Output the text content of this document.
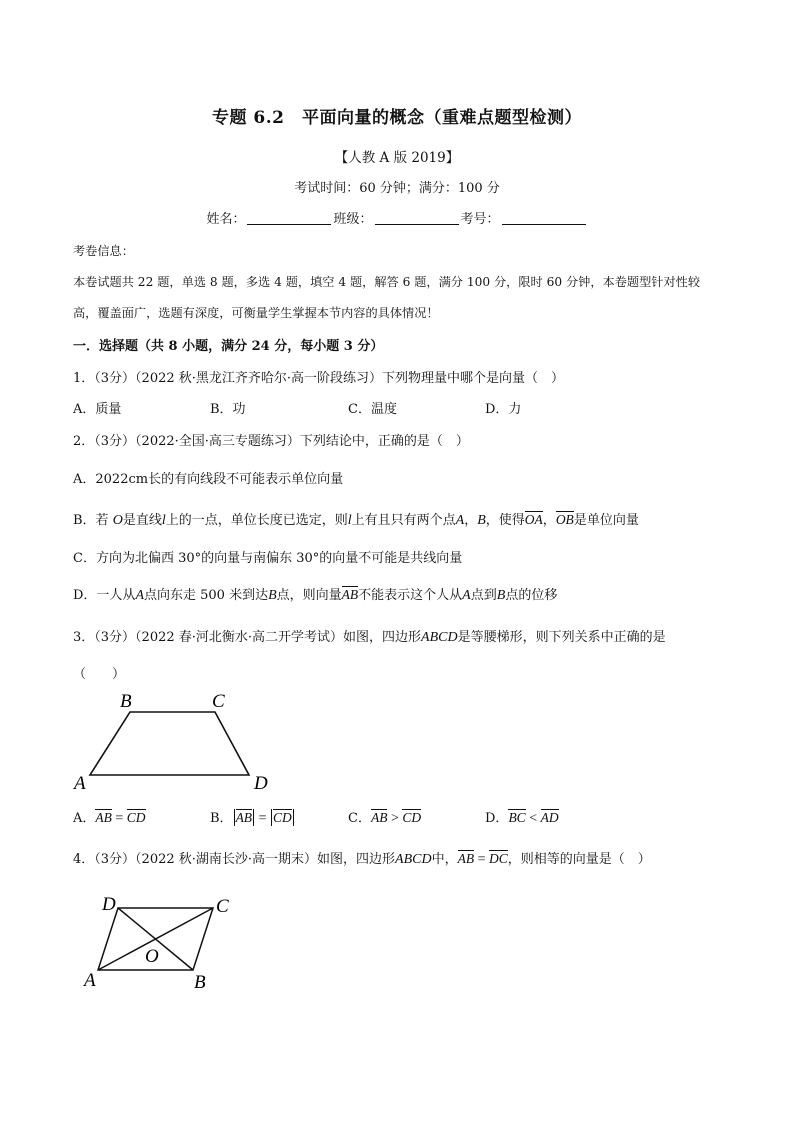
专题 6.2　平面向量的概念（重难点题型检测）
【人教 A 版 2019】
考试时间：60 分钟；满分：100 分
姓名：	班级：	考号：
考卷信息：
本卷试题共 22 题，单选 8 题，多选 4 题，填空 4 题，解答 6 题，满分 100 分，限时 60 分钟，本卷题型针对性较
高，覆盖面广，选题有深度，可衡量学生掌握本节内容的具体情况！
一．选择题（共 8 小题，满分 24 分，每小题 3 分）
1．（3分）（2022 秋·黑龙江齐齐哈尔·高一阶段练习）下列物理量中哪个是向量（　）
A．质量	B．功	C．温度	D．力
2．（3分）（2022·全国·高三专题练习）下列结论中，正确的是（　）
A．2022cm长的有向线段不可能表示单位向量
B．若 O是直线l上的一点，单位长度已选定，则l上有且只有两个点A，B，使得OA，OB是单位向量
C．方向为北偏西 30°的向量与南偏东 30°的向量不可能是共线向量
D．一人从A点向东走 500 米到达B点，则向量AB不能表示这个人从A点到B点的位移
3．（3分）（2022 春·河北衡水·高二开学考试）如图，四边形ABCD是等腰梯形，则下列关系中正确的是
（　　）
B	C
A	D
A．AB = CD	B． AB = CD	C．AB > CD	D．BC < AD
4．（3分）（2022 秋·湖南长沙·高一期末）如图，四边形ABCD中，AB = DC，则相等的向量是（　）
D	C
O
A	B
